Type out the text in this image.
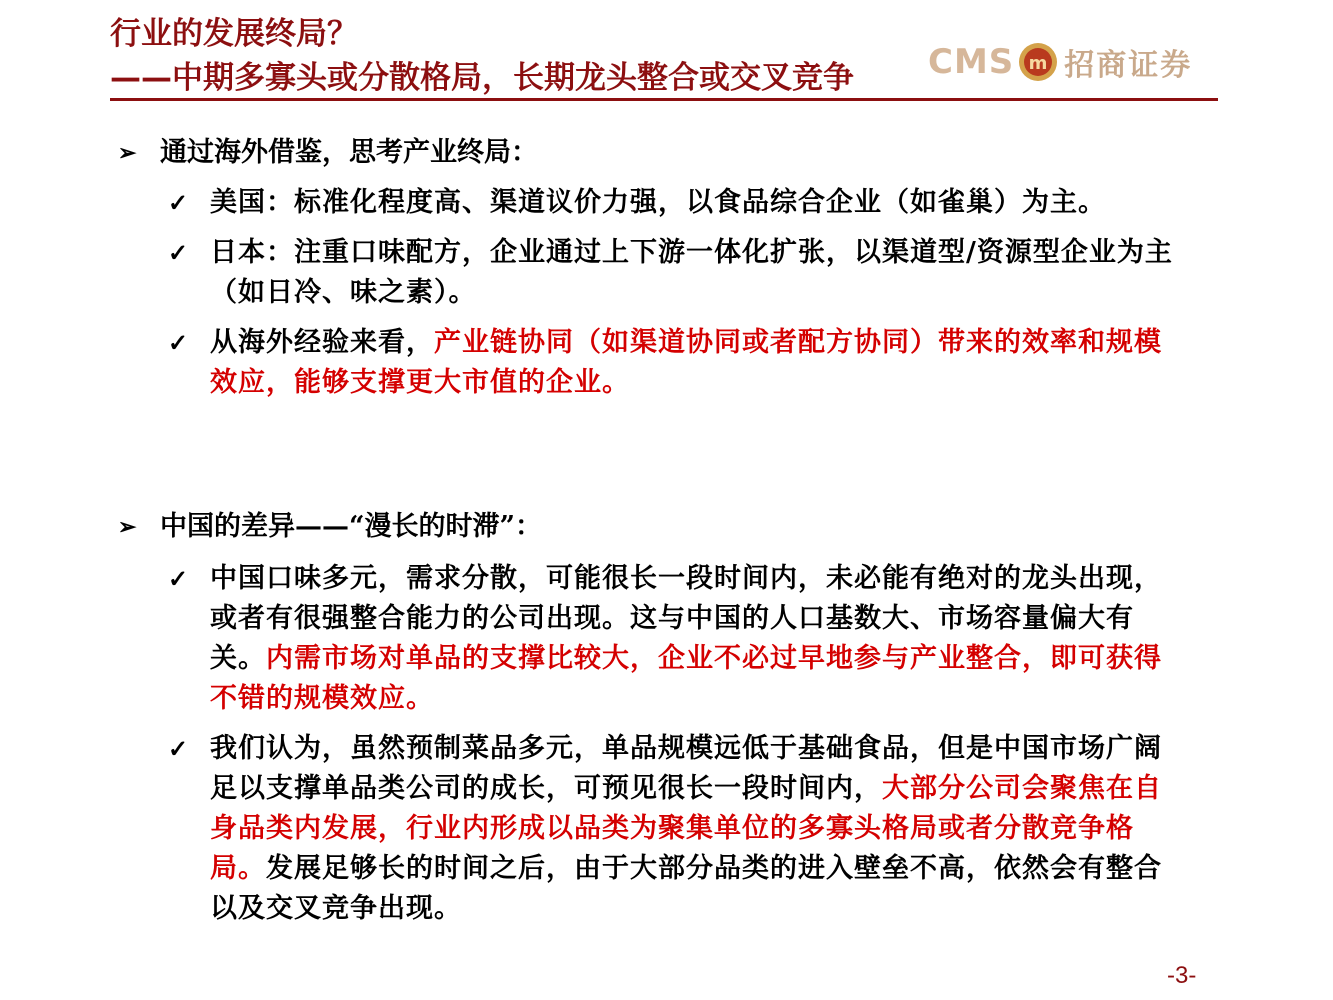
行业的发展终局？
——中期多寡头或分散格局，长期龙头整合或交叉竞争 CMS m 招商证券
➢ 通过海外借鉴，思考产业终局：
✓ 美国：标准化程度高、渠道议价力强，以食品综合企业（如雀巢）为主。
✓ 日本：注重口味配方，企业通过上下游一体化扩张，以渠道型/资源型企业为主（如日冷、味之素）。
✓ 从海外经验来看，产业链协同（如渠道协同或者配方协同）带来的效率和规模效应，能够支撑更大市值的企业。
➢ 中国的差异——“漫长的时滞”：
✓ 中国口味多元，需求分散，可能很长一段时间内，未必能有绝对的龙头出现，或者有很强整合能力的公司出现。这与中国的人口基数大、市场容量偏大有关。内需市场对单品的支撑比较大，企业不必过早地参与产业整合，即可获得不错的规模效应。
✓ 我们认为，虽然预制菜品多元，单品规模远低于基础食品，但是中国市场广阔足以支撑单品类公司的成长，可预见很长一段时间内，大部分公司会聚焦在自身品类内发展，行业内形成以品类为聚集单位的多寡头格局或者分散竞争格局。发展足够长的时间之后，由于大部分品类的进入壁垒不高，依然会有整合以及交叉竞争出现。
-3-
